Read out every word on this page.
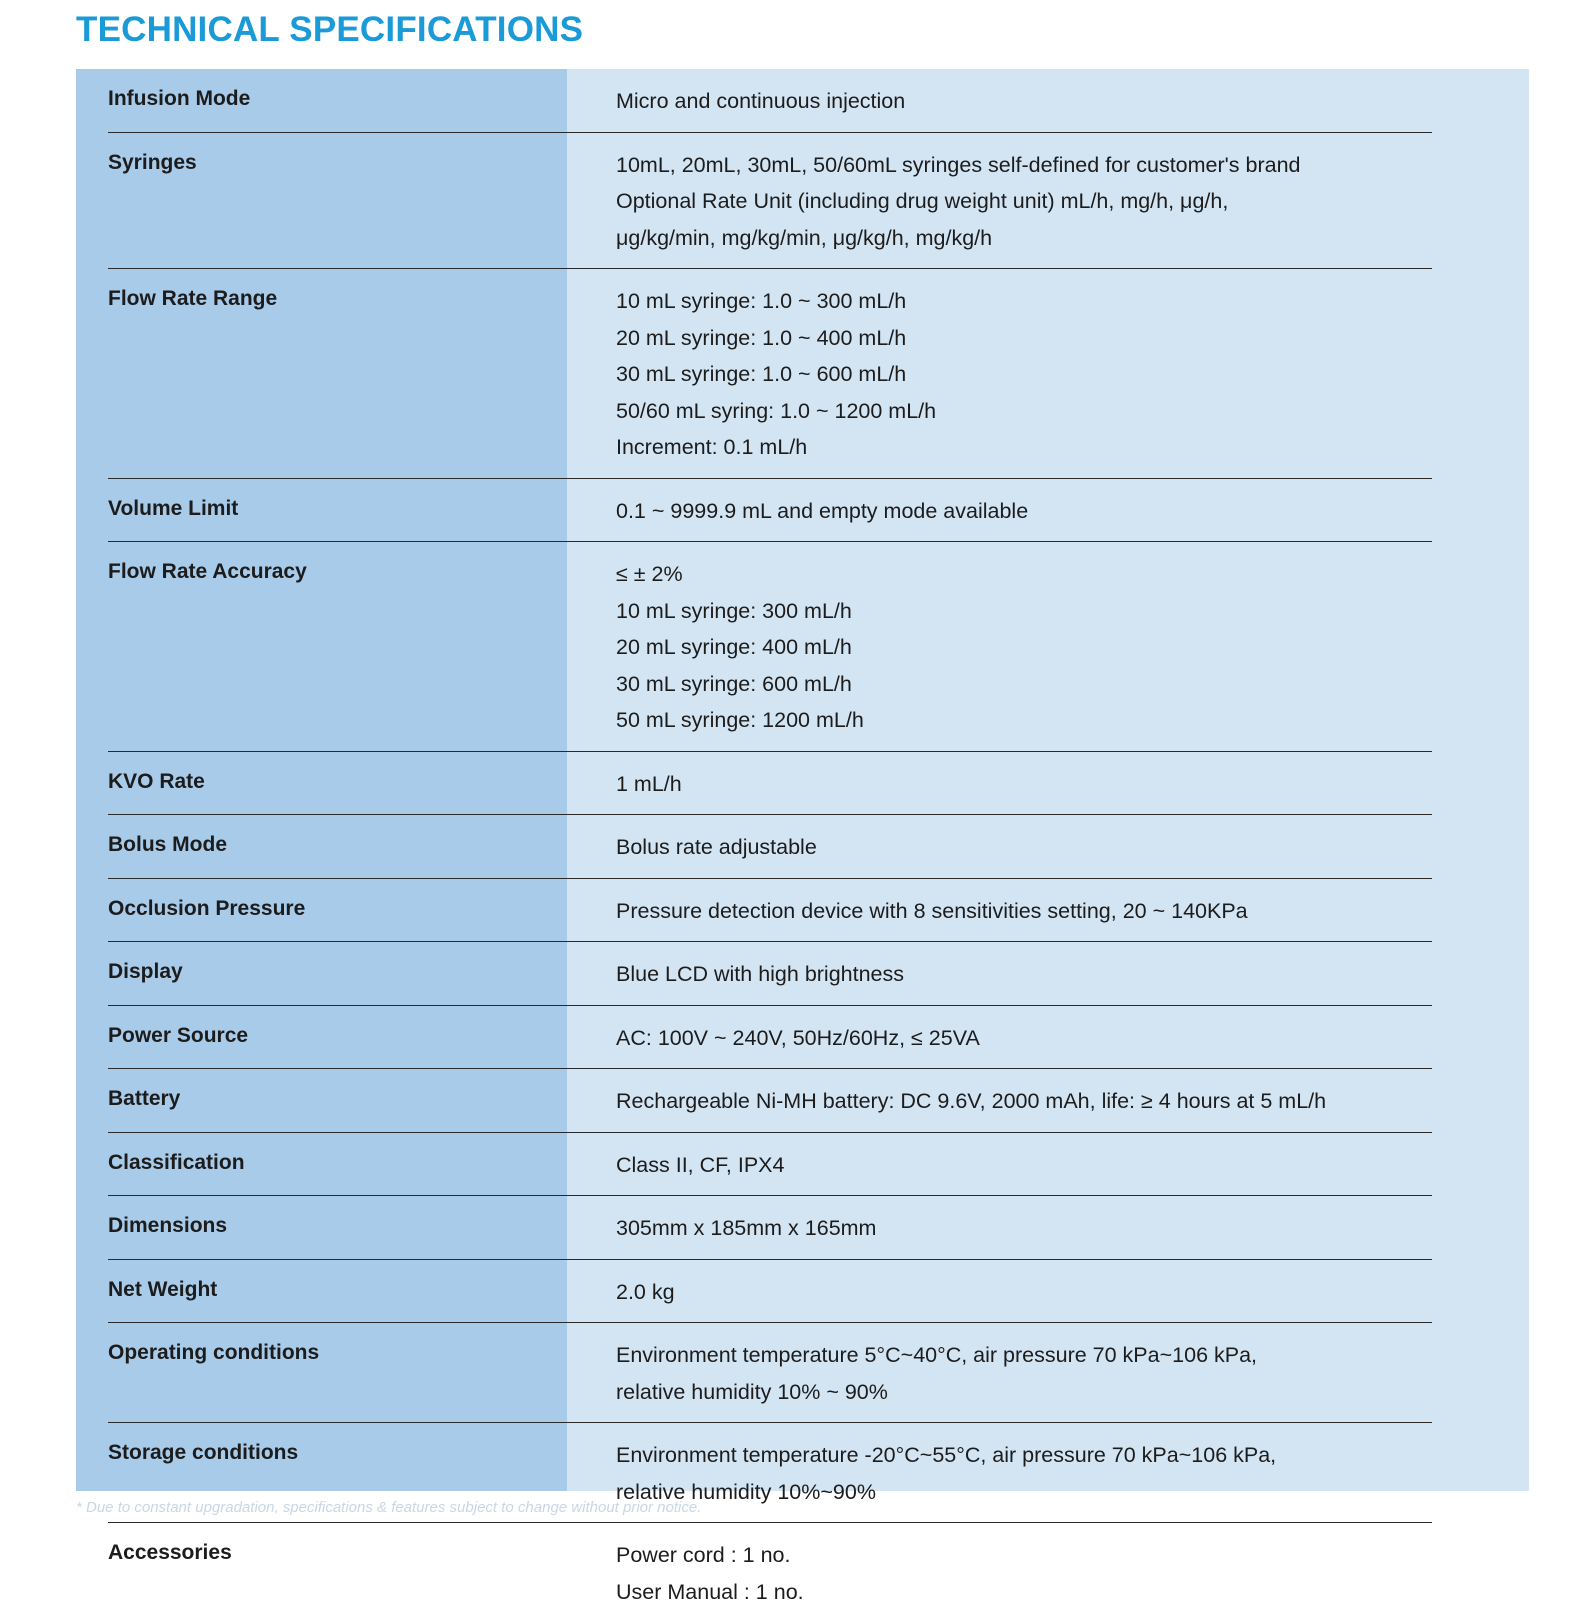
TECHNICAL SPECIFICATIONS
Infusion Mode	Micro and continuous injection
Syringes	10mL, 20mL, 30mL, 50/60mL syringes self-defined for customer's brand
Optional Rate Unit (including drug weight unit) mL/h, mg/h, μg/h,
μg/kg/min, mg/kg/min, μg/kg/h, mg/kg/h
Flow Rate Range	10 mL syringe: 1.0 ~ 300 mL/h
20 mL syringe: 1.0 ~ 400 mL/h
30 mL syringe: 1.0 ~ 600 mL/h
50/60 mL syring: 1.0 ~ 1200 mL/h
Increment: 0.1 mL/h
Volume Limit	0.1 ~ 9999.9 mL and empty mode available
Flow Rate Accuracy	≤ ± 2%
10 mL syringe: 300 mL/h
20 mL syringe: 400 mL/h
30 mL syringe: 600 mL/h
50 mL syringe: 1200 mL/h
KVO Rate	1 mL/h
Bolus Mode	Bolus rate adjustable
Occlusion Pressure	Pressure detection device with 8 sensitivities setting, 20 ~ 140KPa
Display	Blue LCD with high brightness
Power Source	AC: 100V ~ 240V, 50Hz/60Hz, ≤ 25VA
Battery	Rechargeable Ni-MH battery: DC 9.6V, 2000 mAh, life: ≥ 4 hours at 5 mL/h
Classification	Class II, CF, IPX4
Dimensions	305mm x 185mm x 165mm
Net Weight	2.0 kg
Operating conditions	Environment temperature 5°C~40°C, air pressure 70 kPa~106 kPa,
relative humidity 10% ~ 90%
Storage conditions	Environment temperature -20°C~55°C, air pressure 70 kPa~106 kPa,
relative humidity 10%~90%
Accessories	Power cord : 1 no.
User Manual : 1 no.
* Due to constant upgradation, specifications & features subject to change without prior notice.
